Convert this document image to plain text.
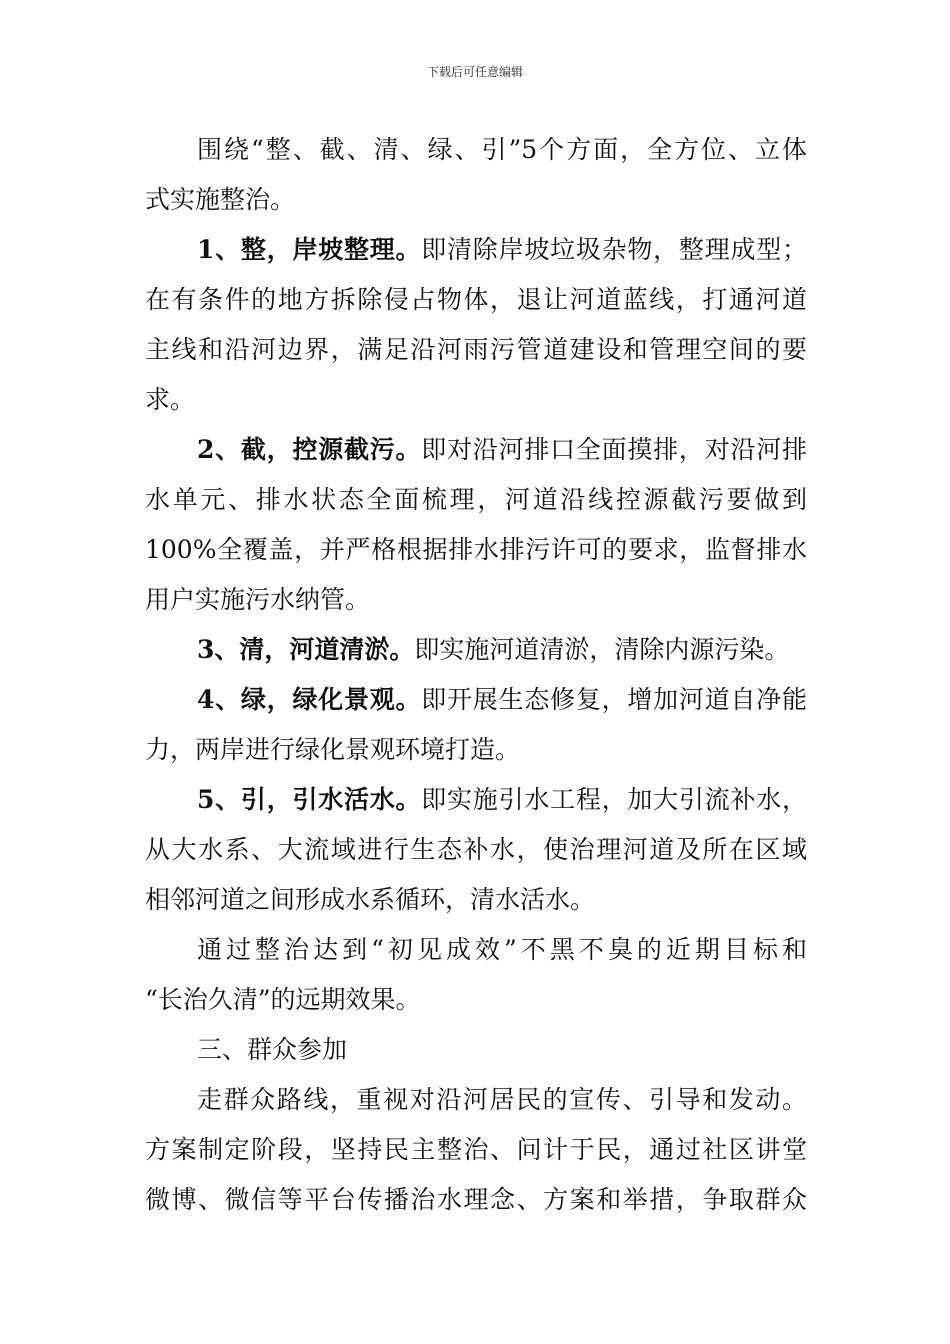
下载后可任意编辑
围绕“整、截、清、绿、引”5个方面，全方位、立体
式实施整治。
1、整，岸坡整理。即清除岸坡垃圾杂物，整理成型；
在有条件的地方拆除侵占物体，退让河道蓝线，打通河道
主线和沿河边界，满足沿河雨污管道建设和管理空间的要
求。
2、截，控源截污。即对沿河排口全面摸排，对沿河排
水单元、排水状态全面梳理，河道沿线控源截污要做到
100%全覆盖，并严格根据排水排污许可的要求，监督排水
用户实施污水纳管。
3、清，河道清淤。即实施河道清淤，清除内源污染。
4、绿，绿化景观。即开展生态修复，增加河道自净能
力，两岸进行绿化景观环境打造。
5、引，引水活水。即实施引水工程，加大引流补水，
从大水系、大流域进行生态补水，使治理河道及所在区域
相邻河道之间形成水系循环，清水活水。
通过整治达到“初见成效”不黑不臭的近期目标和
“长治久清”的远期效果。
三、群众参加
走群众路线，重视对沿河居民的宣传、引导和发动。
方案制定阶段，坚持民主整治、问计于民，通过社区讲堂
微博、微信等平台传播治水理念、方案和举措，争取群众
